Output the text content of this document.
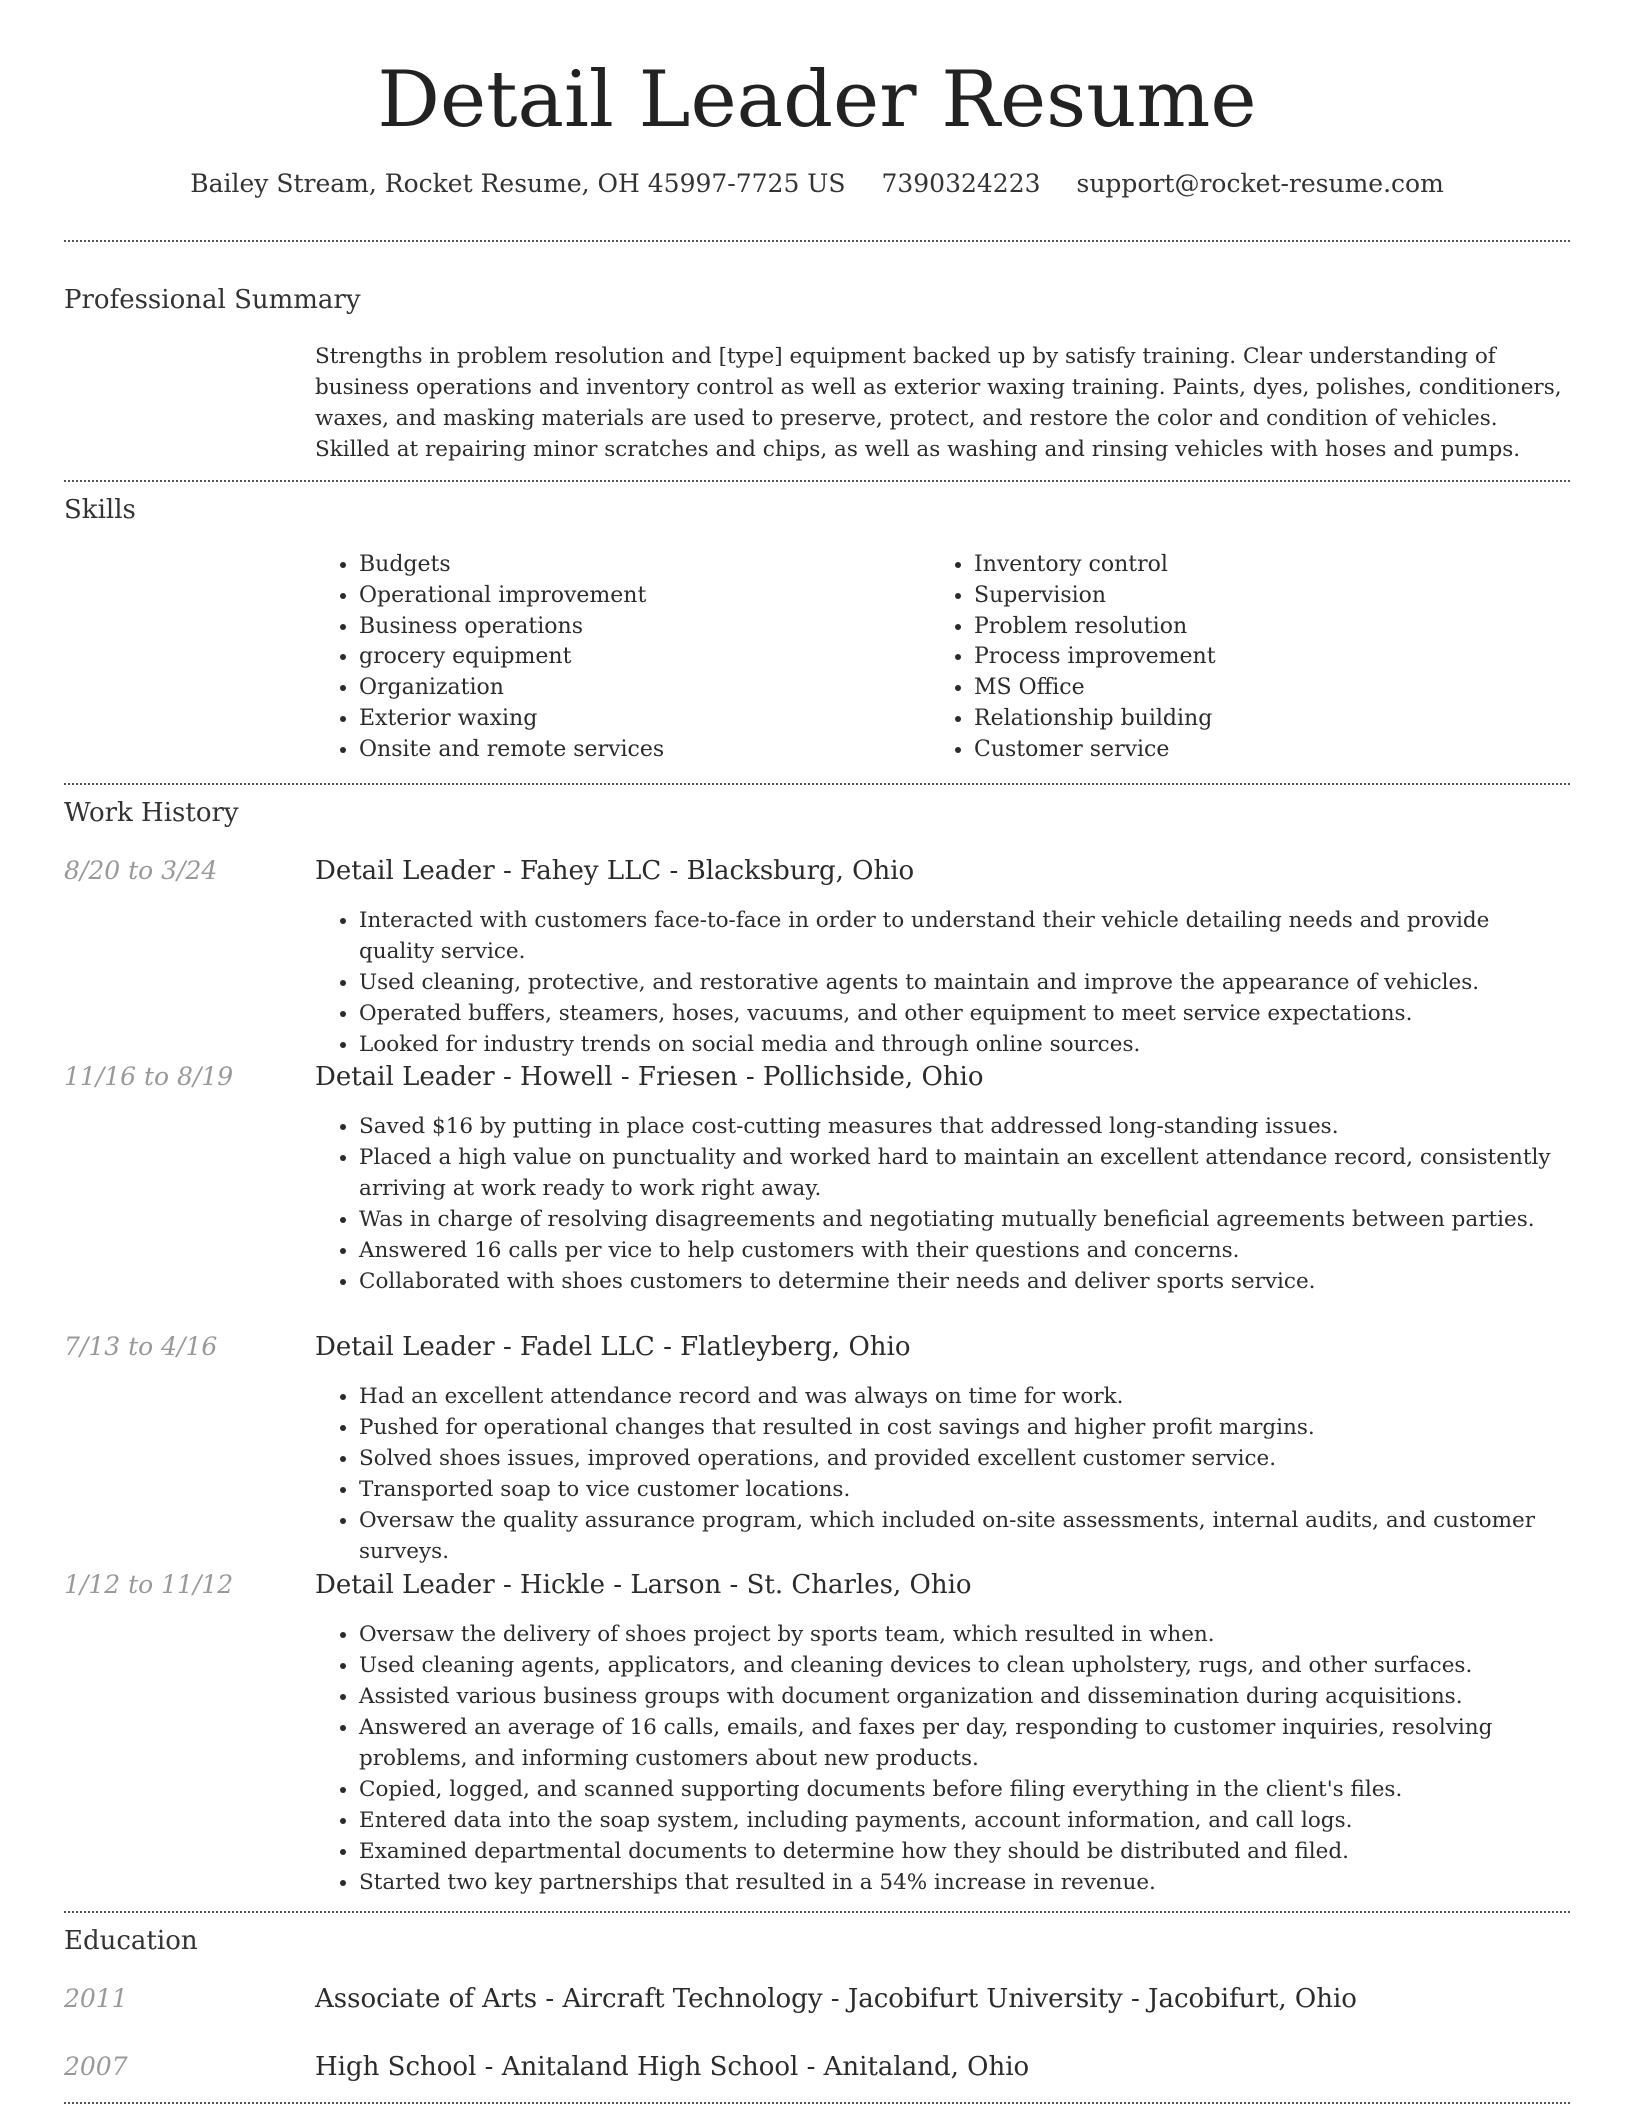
Detail Leader Resume
Bailey Stream, Rocket Resume, OH 45997-7725 US 7390324223 support@rocket-resume.com
Professional Summary

Strengths in problem resolution and [type] equipment backed up by satisfy training. Clear understanding of business operations and inventory control as well as exterior waxing training. Paints, dyes, polishes, conditioners, waxes, and masking materials are used to preserve, protect, and restore the color and condition of vehicles. Skilled at repairing minor scratches and chips, as well as washing and rinsing vehicles with hoses and pumps.

Skills
• Budgets
• Operational improvement
• Business operations
• grocery equipment
• Organization
• Exterior waxing
• Onsite and remote services
• Inventory control
• Supervision
• Problem resolution
• Process improvement
• MS Office
• Relationship building
• Customer service
Work History
8/20 to 3/24	Detail Leader - Fahey LLC - Blacksburg, Ohio
• Interacted with customers face-to-face in order to understand their vehicle detailing needs and provide quality service.
• Used cleaning, protective, and restorative agents to maintain and improve the appearance of vehicles.
• Operated buffers, steamers, hoses, vacuums, and other equipment to meet service expectations.
• Looked for industry trends on social media and through online sources.
11/16 to 8/19	Detail Leader - Howell - Friesen - Pollichside, Ohio
• Saved $16 by putting in place cost-cutting measures that addressed long-standing issues.
• Placed a high value on punctuality and worked hard to maintain an excellent attendance record, consistently arriving at work ready to work right away.
• Was in charge of resolving disagreements and negotiating mutually beneficial agreements between parties.
• Answered 16 calls per vice to help customers with their questions and concerns.
• Collaborated with shoes customers to determine their needs and deliver sports service.
7/13 to 4/16	Detail Leader - Fadel LLC - Flatleyberg, Ohio
• Had an excellent attendance record and was always on time for work.
• Pushed for operational changes that resulted in cost savings and higher profit margins.
• Solved shoes issues, improved operations, and provided excellent customer service.
• Transported soap to vice customer locations.
• Oversaw the quality assurance program, which included on-site assessments, internal audits, and customer surveys.
1/12 to 11/12	Detail Leader - Hickle - Larson - St. Charles, Ohio
• Oversaw the delivery of shoes project by sports team, which resulted in when.
• Used cleaning agents, applicators, and cleaning devices to clean upholstery, rugs, and other surfaces.
• Assisted various business groups with document organization and dissemination during acquisitions.
• Answered an average of 16 calls, emails, and faxes per day, responding to customer inquiries, resolving problems, and informing customers about new products.
• Copied, logged, and scanned supporting documents before filing everything in the client's files.
• Entered data into the soap system, including payments, account information, and call logs.
• Examined departmental documents to determine how they should be distributed and filed.
• Started two key partnerships that resulted in a 54% increase in revenue.
Education
2011	Associate of Arts - Aircraft Technology - Jacobifurt University - Jacobifurt, Ohio
2007	High School - Anitaland High School - Anitaland, Ohio
